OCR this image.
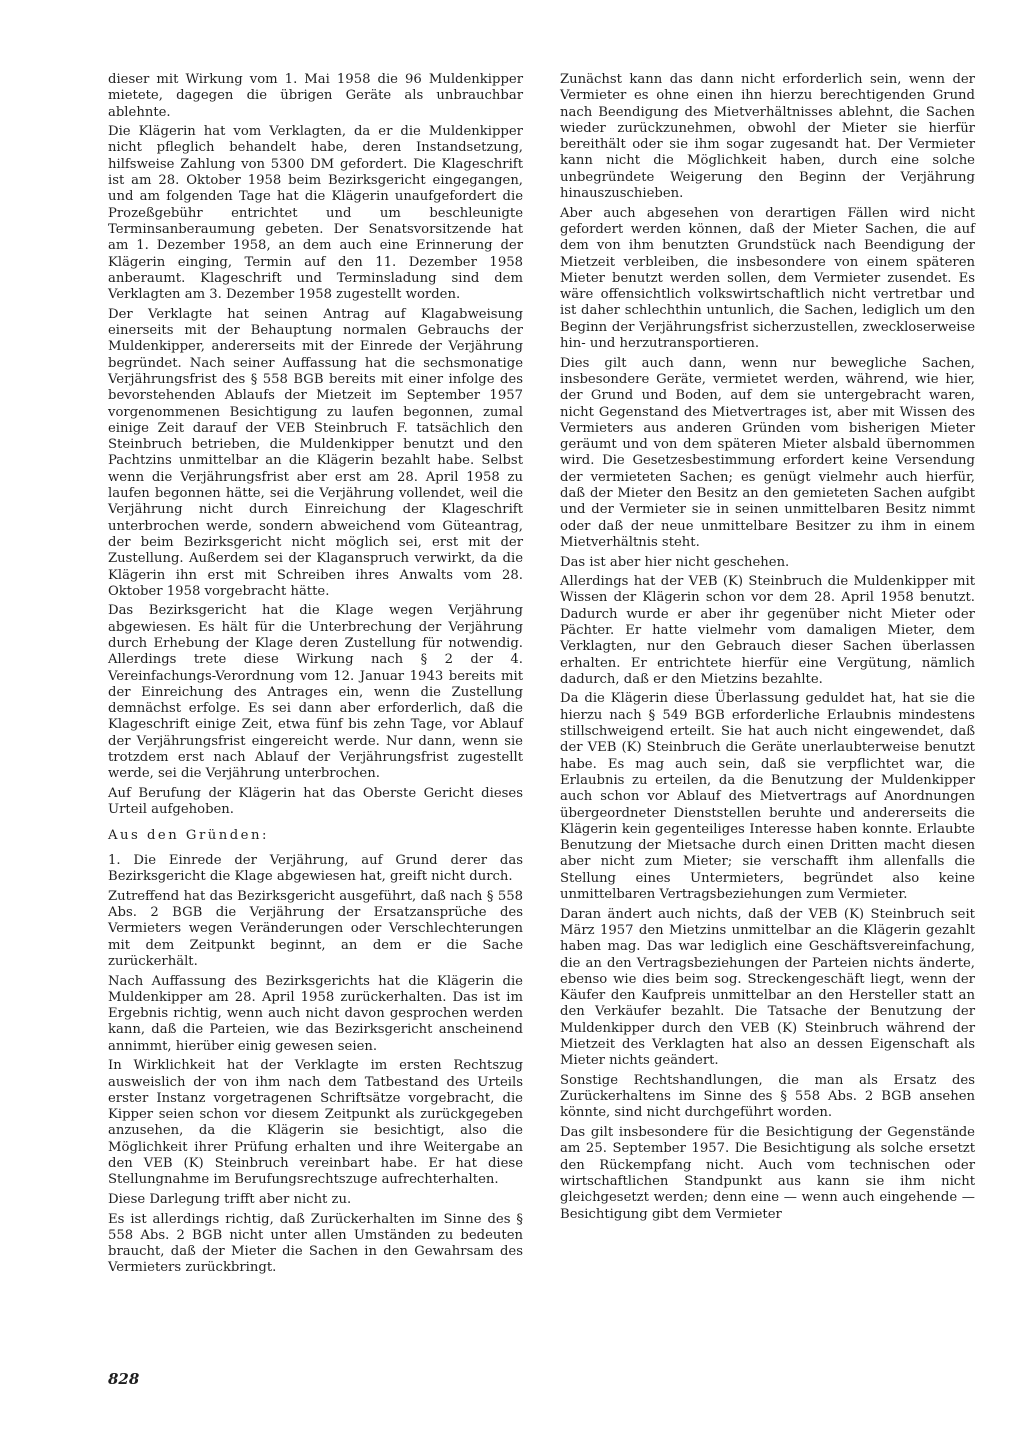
dieser mit Wirkung vom 1. Mai 1958 die 96 Muldenkipper mietete, dagegen die übrigen Geräte als unbrauchbar ablehnte.

Die Klägerin hat vom Verklagten, da er die Muldenkipper nicht pfleglich behandelt habe, deren Instandsetzung, hilfsweise Zahlung von 5300 DM gefordert. Die Klageschrift ist am 28. Oktober 1958 beim Bezirksgericht eingegangen, und am folgenden Tage hat die Klägerin unaufgefordert die Prozeßgebühr entrichtet und um beschleunigte Terminsanberaumung gebeten. Der Senatsvorsitzende hat am 1. Dezember 1958, an dem auch eine Erinnerung der Klägerin einging, Termin auf den 11. Dezember 1958 anberaumt. Klageschrift und Terminsladung sind dem Verklagten am 3. Dezember 1958 zugestellt worden.

Der Verklagte hat seinen Antrag auf Klagabweisung einerseits mit der Behauptung normalen Gebrauchs der Muldenkipper, andererseits mit der Einrede der Verjährung begründet. Nach seiner Auffassung hat die sechsmonatige Verjährungsfrist des § 558 BGB bereits mit einer infolge des bevorstehenden Ablaufs der Mietzeit im September 1957 vorgenommenen Besichtigung zu laufen begonnen, zumal einige Zeit darauf der VEB Steinbruch F. tatsächlich den Steinbruch betrieben, die Muldenkipper benutzt und den Pachtzins unmittelbar an die Klägerin bezahlt habe. Selbst wenn die Verjährungsfrist aber erst am 28. April 1958 zu laufen begonnen hätte, sei die Verjährung vollendet, weil die Verjährung nicht durch Einreichung der Klageschrift unterbrochen werde, sondern abweichend vom Güteantrag, der beim Bezirksgericht nicht möglich sei, erst mit der Zustellung. Außerdem sei der Klaganspruch verwirkt, da die Klägerin ihn erst mit Schreiben ihres Anwalts vom 28. Oktober 1958 vorgebracht hätte.

Das Bezirksgericht hat die Klage wegen Verjährung abgewiesen. Es hält für die Unterbrechung der Verjährung durch Erhebung der Klage deren Zustellung für notwendig. Allerdings trete diese Wirkung nach § 2 der 4. Vereinfachungs-Verordnung vom 12. Januar 1943 bereits mit der Einreichung des Antrages ein, wenn die Zustellung demnächst erfolge. Es sei dann aber erforderlich, daß die Klageschrift einige Zeit, etwa fünf bis zehn Tage, vor Ablauf der Verjährungsfrist eingereicht werde. Nur dann, wenn sie trotzdem erst nach Ablauf der Verjährungsfrist zugestellt werde, sei die Verjährung unterbrochen.

Auf Berufung der Klägerin hat das Oberste Gericht dieses Urteil aufgehoben.

Aus den Gründen:

1. Die Einrede der Verjährung, auf Grund derer das Bezirksgericht die Klage abgewiesen hat, greift nicht durch.

Zutreffend hat das Bezirksgericht ausgeführt, daß nach § 558 Abs. 2 BGB die Verjährung der Ersatzansprüche des Vermieters wegen Veränderungen oder Verschlechterungen mit dem Zeitpunkt beginnt, an dem er die Sache zurückerhält.

Nach Auffassung des Bezirksgerichts hat die Klägerin die Muldenkipper am 28. April 1958 zurückerhalten. Das ist im Ergebnis richtig, wenn auch nicht davon gesprochen werden kann, daß die Parteien, wie das Bezirksgericht anscheinend annimmt, hierüber einig gewesen seien.

In Wirklichkeit hat der Verklagte im ersten Rechtszug ausweislich der von ihm nach dem Tatbestand des Urteils erster Instanz vorgetragenen Schriftsätze vorgebracht, die Kipper seien schon vor diesem Zeitpunkt als zurückgegeben anzusehen, da die Klägerin sie besichtigt, also die Möglichkeit ihrer Prüfung erhalten und ihre Weitergabe an den VEB (K) Steinbruch vereinbart habe. Er hat diese Stellungnahme im Berufungsrechtszuge aufrechterhalten.

Diese Darlegung trifft aber nicht zu.

Es ist allerdings richtig, daß Zurückerhalten im Sinne des § 558 Abs. 2 BGB nicht unter allen Umständen zu bedeuten braucht, daß der Mieter die Sachen in den Gewahrsam des Vermieters zurückbringt.

Zunächst kann das dann nicht erforderlich sein, wenn der Vermieter es ohne einen ihn hierzu berechtigenden Grund nach Beendigung des Mietverhältnisses ablehnt, die Sachen wieder zurückzunehmen, obwohl der Mieter sie hierfür bereithält oder sie ihm sogar zugesandt hat. Der Vermieter kann nicht die Möglichkeit haben, durch eine solche unbegründete Weigerung den Beginn der Verjährung hinauszuschieben.

Aber auch abgesehen von derartigen Fällen wird nicht gefordert werden können, daß der Mieter Sachen, die auf dem von ihm benutzten Grundstück nach Beendigung der Mietzeit verbleiben, die insbesondere von einem späteren Mieter benutzt werden sollen, dem Vermieter zusendet. Es wäre offensichtlich volkswirtschaftlich nicht vertretbar und ist daher schlechthin untunlich, die Sachen, lediglich um den Beginn der Verjährungsfrist sicherzustellen, zweckloserweise hin- und herzutransportieren.

Dies gilt auch dann, wenn nur bewegliche Sachen, insbesondere Geräte, vermietet werden, während, wie hier, der Grund und Boden, auf dem sie untergebracht waren, nicht Gegenstand des Mietvertrages ist, aber mit Wissen des Vermieters aus anderen Gründen vom bisherigen Mieter geräumt und von dem späteren Mieter alsbald übernommen wird. Die Gesetzesbestimmung erfordert keine Versendung der vermieteten Sachen; es genügt vielmehr auch hierfür, daß der Mieter den Besitz an den gemieteten Sachen aufgibt und der Vermieter sie in seinen unmittelbaren Besitz nimmt oder daß der neue unmittelbare Besitzer zu ihm in einem Mietverhältnis steht.

Das ist aber hier nicht geschehen.

Allerdings hat der VEB (K) Steinbruch die Muldenkipper mit Wissen der Klägerin schon vor dem 28. April 1958 benutzt. Dadurch wurde er aber ihr gegenüber nicht Mieter oder Pächter. Er hatte vielmehr vom damaligen Mieter, dem Verklagten, nur den Gebrauch dieser Sachen überlassen erhalten. Er entrichtete hierfür eine Vergütung, nämlich dadurch, daß er den Mietzins bezahlte.

Da die Klägerin diese Überlassung geduldet hat, hat sie die hierzu nach § 549 BGB erforderliche Erlaubnis mindestens stillschweigend erteilt. Sie hat auch nicht eingewendet, daß der VEB (K) Steinbruch die Geräte unerlaubterweise benutzt habe. Es mag auch sein, daß sie verpflichtet war, die Erlaubnis zu erteilen, da die Benutzung der Muldenkipper auch schon vor Ablauf des Mietvertrags auf Anordnungen übergeordneter Dienststellen beruhte und andererseits die Klägerin kein gegenteiliges Interesse haben konnte. Erlaubte Benutzung der Mietsache durch einen Dritten macht diesen aber nicht zum Mieter; sie verschafft ihm allenfalls die Stellung eines Untermieters, begründet also keine unmittelbaren Vertragsbeziehungen zum Vermieter.

Daran ändert auch nichts, daß der VEB (K) Steinbruch seit März 1957 den Mietzins unmittelbar an die Klägerin gezahlt haben mag. Das war lediglich eine Geschäftsvereinfachung, die an den Vertragsbeziehungen der Parteien nichts änderte, ebenso wie dies beim sog. Streckengeschäft liegt, wenn der Käufer den Kaufpreis unmittelbar an den Hersteller statt an den Verkäufer bezahlt. Die Tatsache der Benutzung der Muldenkipper durch den VEB (K) Steinbruch während der Mietzeit des Verklagten hat also an dessen Eigenschaft als Mieter nichts geändert.

Sonstige Rechtshandlungen, die man als Ersatz des Zurückerhaltens im Sinne des § 558 Abs. 2 BGB ansehen könnte, sind nicht durchgeführt worden.

Das gilt insbesondere für die Besichtigung der Gegenstände am 25. September 1957. Die Besichtigung als solche ersetzt den Rückempfang nicht. Auch vom technischen oder wirtschaftlichen Standpunkt aus kann sie ihm nicht gleichgesetzt werden; denn eine — wenn auch eingehende — Besichtigung gibt dem Vermieter

828
